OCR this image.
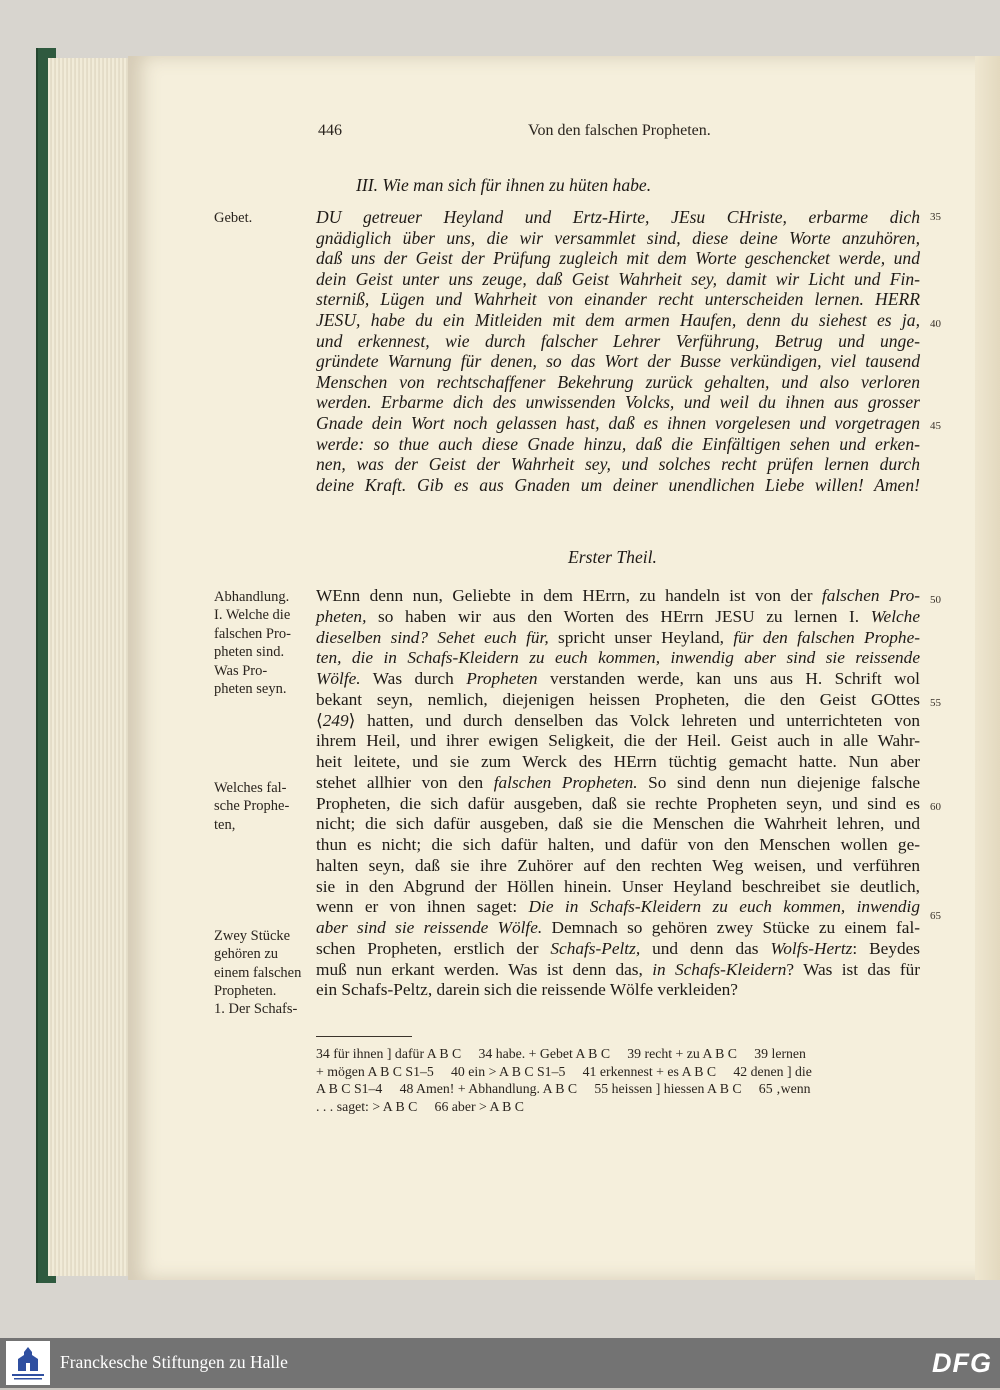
446	Von den falschen Propheten.
III. Wie man sich für ihnen zu hüten habe.
Gebet.	DU getreuer Heyland und Ertz-Hirte, JEsu CHriste, erbarme dich
gnädiglich über uns, die wir versammlet sind, diese deine Worte anzuhören,
daß uns der Geist der Prüfung zugleich mit dem Worte geschencket werde, und
dein Geist unter uns zeuge, daß Geist Wahrheit sey, damit wir Licht und Fin-
sterniß, Lügen und Wahrheit von einander recht unterscheiden lernen. HERR
JESU, habe du ein Mitleiden mit dem armen Haufen, denn du siehest es ja,
und erkennest, wie durch falscher Lehrer Verführung, Betrug und unge-
gründete Warnung für denen, so das Wort der Busse verkündigen, viel tausend
Menschen von rechtschaffener Bekehrung zurück gehalten, und also verloren
werden. Erbarme dich des unwissenden Volcks, und weil du ihnen aus grosser
Gnade dein Wort noch gelassen hast, daß es ihnen vorgelesen und vorgetragen
werde: so thue auch diese Gnade hinzu, daß die Einfältigen sehen und erken-
nen, was der Geist der Wahrheit sey, und solches recht prüfen lernen durch
deine Kraft. Gib es aus Gnaden um deiner unendlichen Liebe willen! Amen!
Erster Theil.
Abhandlung.
I. Welche die
falschen Pro-
pheten sind.
Was Pro-
pheten seyn.
Welches fal-
sche Prophe-
ten,
Zwey Stücke
gehören zu
einem falschen
Propheten.
1. Der Schafs-
WEnn denn nun, Geliebte in dem HErrn, zu handeln ist von der falschen Pro-
pheten, so haben wir aus den Worten des HErrn JESU zu lernen I. Welche
dieselben sind? Sehet euch für, spricht unser Heyland, für den falschen Prophe-
ten, die in Schafs-Kleidern zu euch kommen, inwendig aber sind sie reissende
Wölfe. Was durch Propheten verstanden werde, kan uns aus H. Schrift wol
bekant seyn, nemlich, diejenigen heissen Propheten, die den Geist GOttes
⟨249⟩ hatten, und durch denselben das Volck lehreten und unterrichteten von
ihrem Heil, und ihrer ewigen Seligkeit, die der Heil. Geist auch in alle Wahr-
heit leitete, und sie zum Werck des HErrn tüchtig gemacht hatte. Nun aber
stehet allhier von den falschen Propheten. So sind denn nun diejenige falsche
Propheten, die sich dafür ausgeben, daß sie rechte Propheten seyn, und sind es
nicht; die sich dafür ausgeben, daß sie die Menschen die Wahrheit lehren, und
thun es nicht; die sich dafür halten, und dafür von den Menschen wollen ge-
halten seyn, daß sie ihre Zuhörer auf den rechten Weg weisen, und verführen
sie in den Abgrund der Höllen hinein. Unser Heyland beschreibet sie deutlich,
wenn er von ihnen saget: Die in Schafs-Kleidern zu euch kommen, inwendig
aber sind sie reissende Wölfe. Demnach so gehören zwey Stücke zu einem fal-
schen Propheten, erstlich der Schafs-Peltz, und denn das Wolfs-Hertz: Beydes
muß nun erkant werden. Was ist denn das, in Schafs-Kleidern? Was ist das für
ein Schafs-Peltz, darein sich die reissende Wölfe verkleiden?
35
40
45
50
55
60
65
34 für ihnen ] dafür A B C     34 habe. + Gebet A B C     39 recht + zu A B C     39 lernen
+ mögen A B C S1–5     40 ein > A B C S1–5     41 erkennest + es A B C     42 denen ] die
A B C S1–4     48 Amen! + Abhandlung. A B C     55 heissen ] hiessen A B C     65 ‚wenn
. . . saget: > A B C     66 aber > A B C
Franckesche Stiftungen zu Halle	DFG
